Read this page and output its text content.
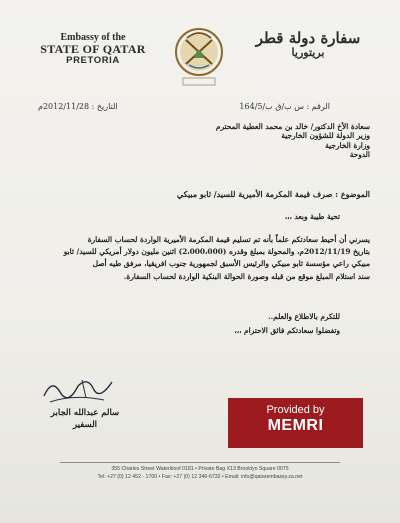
Embassy of the
STATE OF QATAR
PRETORIA
سفارة دولة قطر
بريتوريا
الرقم : س ب/ق ب/164/5
التاريخ : 2012/11/28م
سعادة الأخ الدكتور/ خالد بن محمد العطية المحترم
وزير الدولة للشؤون الخارجية
وزارة الخارجية
الدوحة
الموضوع : صرف قيمة المكرمة الأميرية للسيد/ ثابو مبيكي
تحية طيبة وبعد ،،،
يسرني أن أحيط سعادتكم علماً بأنه تم تسليم قيمة المكرمة الأميرية الواردة لحساب السفارة
بتاريخ 2012/11/19م، والمحولة بمبلغ وقدره (2،000،000) اثنين مليون دولار أمريكي للسيد/ ثابو
مبيكي راعي مؤسسة ثابو مبيكي والرئيس الأسبق لجمهورية جنوب افريقيا، مرفق طيه أصل
سند استلام المبلغ موقع من قبله وصورة الحوالة البنكية الواردة لحساب السفارة.
للتكرم بالاطلاع والعلم..
وتفضلوا سعادتكم فائق الاحترام ،،،
سالم عبدالله الجابر
السفير
Provided by
MEMRI
355 Charles Street Waterkloof 0181 • Private Bag X13 Brooklyn Square 0075
Tel: +27 (0) 12 452 - 1700 • Fax: +27 (0) 12 346-6732 • Email: info@qatarembassy.za.net
